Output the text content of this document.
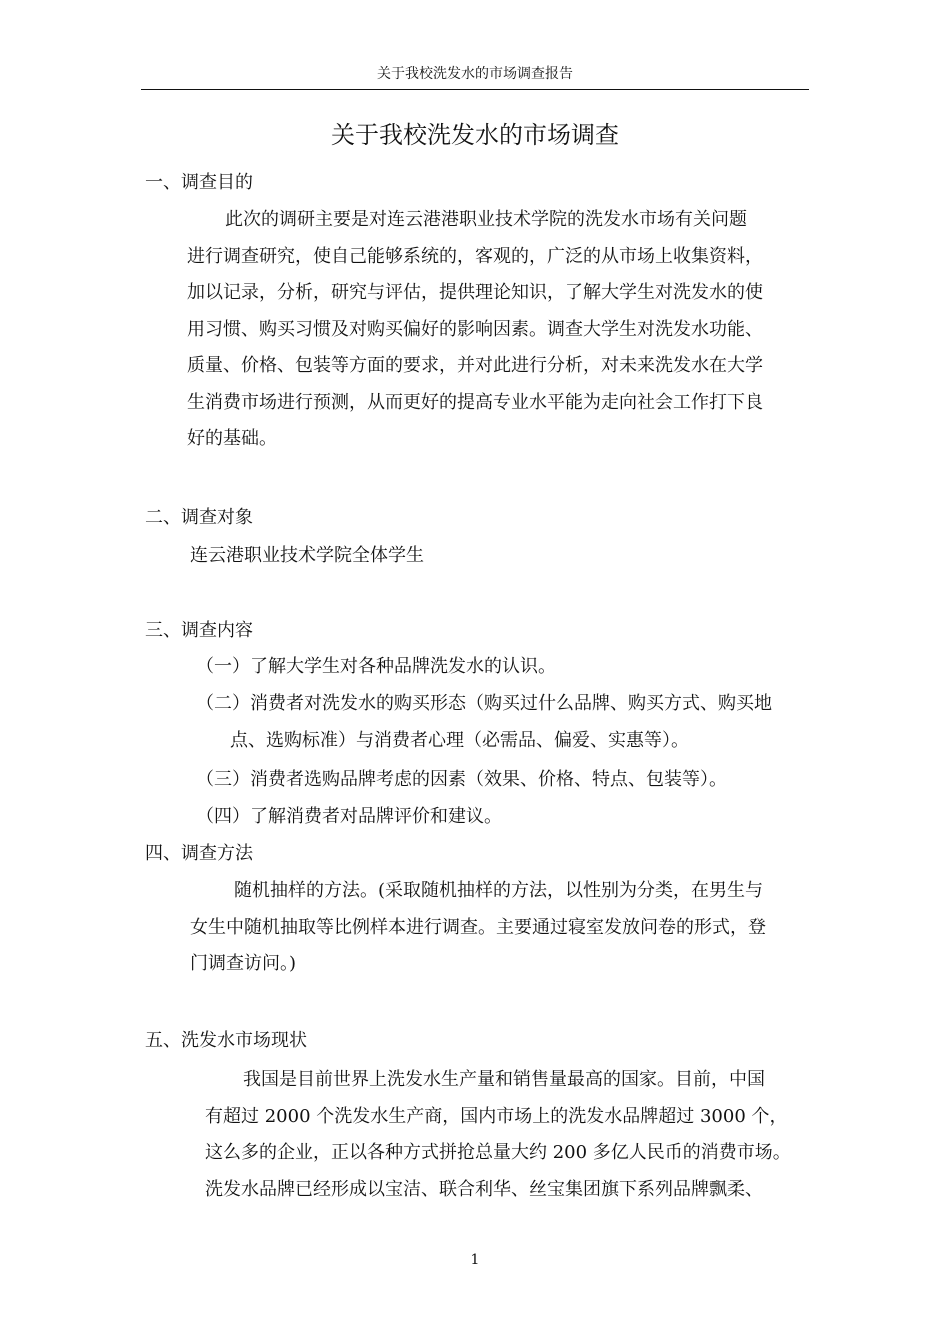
关于我校洗发水的市场调查报告
关于我校洗发水的市场调查
一、调查目的
此次的调研主要是对连云港港职业技术学院的洗发水市场有关问题
进行调查研究，使自己能够系统的，客观的，广泛的从市场上收集资料，
加以记录，分析，研究与评估，提供理论知识，了解大学生对洗发水的使
用习惯、购买习惯及对购买偏好的影响因素。调查大学生对洗发水功能、
质量、价格、包装等方面的要求，并对此进行分析，对未来洗发水在大学
生消费市场进行预测，从而更好的提高专业水平能为走向社会工作打下良
好的基础。
二、调查对象
连云港职业技术学院全体学生
三、调查内容
（一）了解大学生对各种品牌洗发水的认识。
（二）消费者对洗发水的购买形态（购买过什么品牌、购买方式、购买地
点、选购标准）与消费者心理（必需品、偏爱、实惠等）。
（三）消费者选购品牌考虑的因素（效果、价格、特点、包装等）。
（四）了解消费者对品牌评价和建议。
四、调查方法
随机抽样的方法。(采取随机抽样的方法，以性别为分类，在男生与
女生中随机抽取等比例样本进行调查。主要通过寝室发放问卷的形式，登
门调查访问。)
五、洗发水市场现状
我国是目前世界上洗发水生产量和销售量最高的国家。目前，中国
有超过 2000 个洗发水生产商，国内市场上的洗发水品牌超过 3000 个，
这么多的企业，正以各种方式拼抢总量大约 200 多亿人民币的消费市场。
洗发水品牌已经形成以宝洁、联合利华、丝宝集团旗下系列品牌飘柔、
1
